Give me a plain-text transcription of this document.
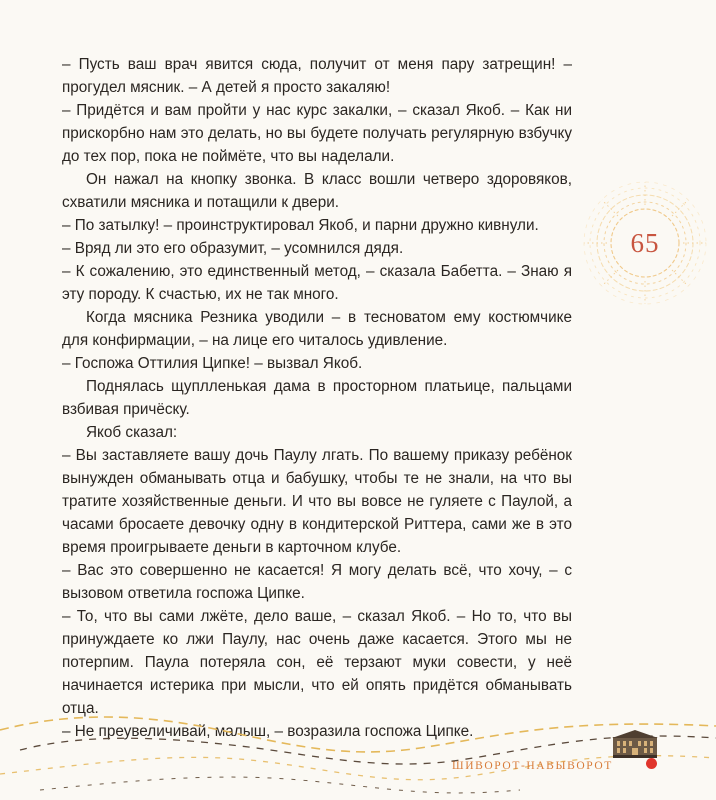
– Пусть ваш врач явится сюда, получит от меня пару затрещин! – прогудел мясник. – А детей я просто закаляю!

– Придётся и вам пройти у нас курс закалки, – сказал Якоб. – Как ни прискорбно нам это делать, но вы будете получать регулярную взбучку до тех пор, пока не поймёте, что вы наделали.

Он нажал на кнопку звонка. В класс вошли четверо здоровяков, схватили мясника и потащили к двери.

– По затылку! – проинструктировал Якоб, и парни дружно кивнули.

– Вряд ли это его образумит, – усомнился дядя.

– К сожалению, это единственный метод, – сказала Бабетта. – Знаю я эту породу. К счастью, их не так много.

Когда мясника Резника уводили – в тесноватом ему костюмчике для конфирмации, – на лице его читалось удивление.

– Госпожа Оттилия Ципке! – вызвал Якоб.

Поднялась щуплленькая дама в просторном платьице, пальцами взбивая причёску.

Якоб сказал:

– Вы заставляете вашу дочь Паулу лгать. По вашему приказу ребёнок вынужден обманывать отца и бабушку, чтобы те не знали, на что вы тратите хозяйственные деньги. И что вы вовсе не гуляете с Паулой, а часами бросаете девочку одну в кондитерской Риттера, сами же в это время проигрываете деньги в карточном клубе.

– Вас это совершенно не касается! Я могу делать всё, что хочу, – с вызовом ответила госпожа Ципке.

– То, что вы сами лжёте, дело ваше, – сказал Якоб. – Но то, что вы принуждаете ко лжи Паулу, нас очень даже касается. Этого мы не потерпим. Паула потеряла сон, её терзают муки совести, у неё начинается истерика при мысли, что ей опять придётся обманывать отца.

– Не преувеличивай, малыш, – возразила госпожа Ципке.

65
ШИВОРОТ-НАВЫВОРОТ
